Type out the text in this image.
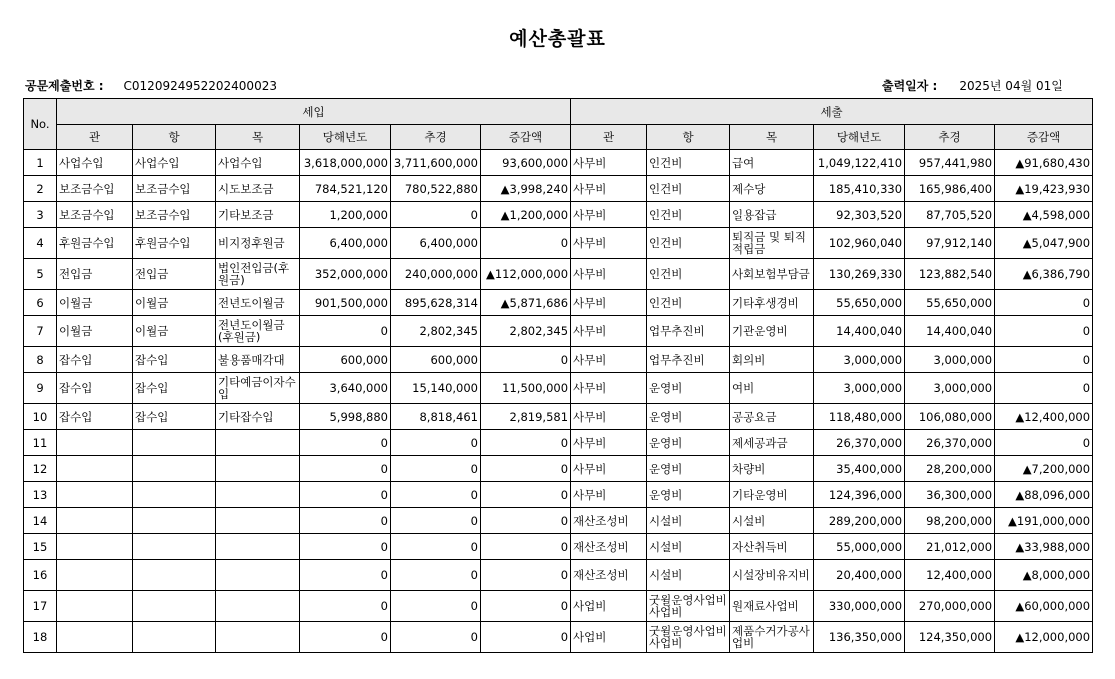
예산총괄표
공문제출번호 : C0120924952202400023	출력일자 : 2025년 04월 01일
No.	세입						세출					
	관	항	목	당해년도	추경	증감액	관	항	목	당해년도	추경	증감액
1	사업수입	사업수입	사업수입	3,618,000,000	3,711,600,000	93,600,000	사무비	인건비	급여	1,049,122,410	957,441,980	▲91,680,430
2	보조금수입	보조금수입	시도보조금	784,521,120	780,522,880	▲3,998,240	사무비	인건비	제수당	185,410,330	165,986,400	▲19,423,930
3	보조금수입	보조금수입	기타보조금	1,200,000	0	▲1,200,000	사무비	인건비	일용잡급	92,303,520	87,705,520	▲4,598,000
4	후원금수입	후원금수입	비지정후원금	6,400,000	6,400,000	0	사무비	인건비	퇴직금 및 퇴직적립금	102,960,040	97,912,140	▲5,047,900
5	전입금	전입금	법인전입금(후원금)	352,000,000	240,000,000	▲112,000,000	사무비	인건비	사회보험부담금	130,269,330	123,882,540	▲6,386,790
6	이월금	이월금	전년도이월금	901,500,000	895,628,314	▲5,871,686	사무비	인건비	기타후생경비	55,650,000	55,650,000	0
7	이월금	이월금	전년도이월금(후원금)	0	2,802,345	2,802,345	사무비	업무추진비	기관운영비	14,400,040	14,400,040	0
8	잡수입	잡수입	불용품매각대	600,000	600,000	0	사무비	업무추진비	회의비	3,000,000	3,000,000	0
9	잡수입	잡수입	기타예금이자수입	3,640,000	15,140,000	11,500,000	사무비	운영비	여비	3,000,000	3,000,000	0
10	잡수입	잡수입	기타잡수입	5,998,880	8,818,461	2,819,581	사무비	운영비	공공요금	118,480,000	106,080,000	▲12,400,000
11				0	0	0	사무비	운영비	제세공과금	26,370,000	26,370,000	0
12				0	0	0	사무비	운영비	차량비	35,400,000	28,200,000	▲7,200,000
13				0	0	0	사무비	운영비	기타운영비	124,396,000	36,300,000	▲88,096,000
14				0	0	0	재산조성비	시설비	시설비	289,200,000	98,200,000	▲191,000,000
15				0	0	0	재산조성비	시설비	자산취득비	55,000,000	21,012,000	▲33,988,000
16				0	0	0	재산조성비	시설비	시설장비유지비	20,400,000	12,400,000	▲8,000,000
17				0	0	0	사업비	굿윌운영사업비사업비	원재료사업비	330,000,000	270,000,000	▲60,000,000
18				0	0	0	사업비	굿윌운영사업비사업비	제품수거가공사업비	136,350,000	124,350,000	▲12,000,000
